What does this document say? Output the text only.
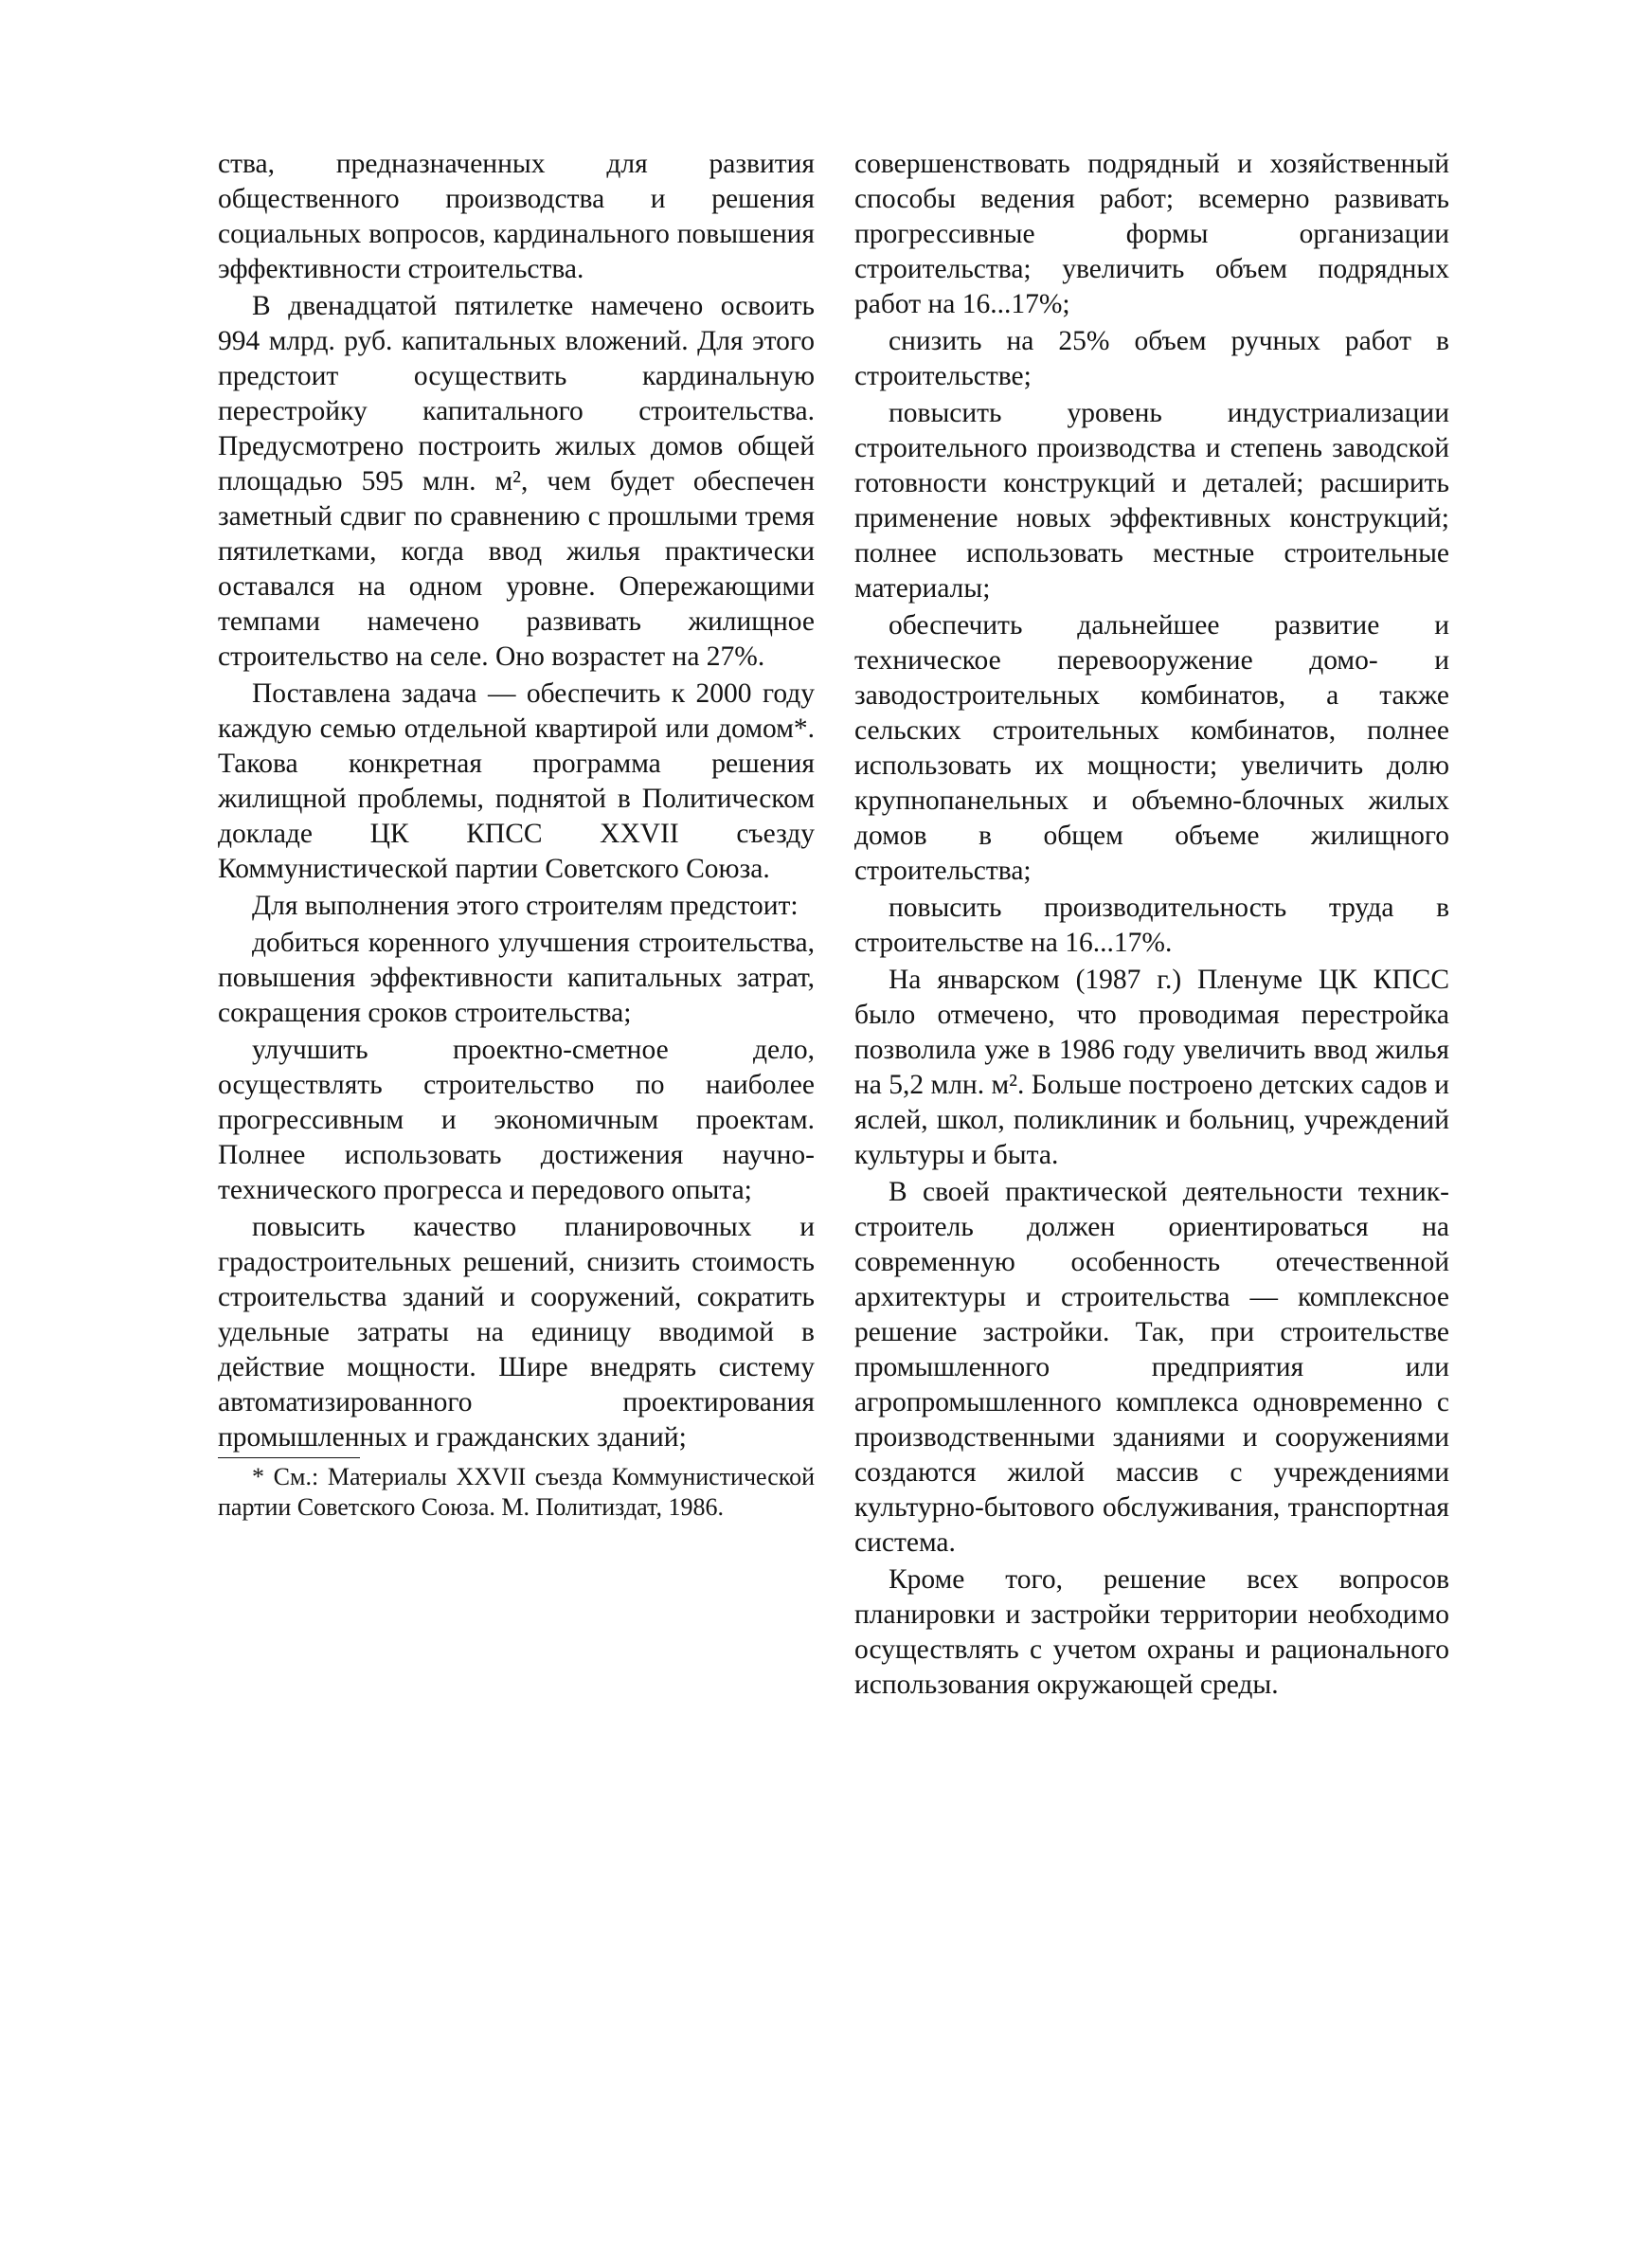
ства, предназначенных для развития общественного производства и решения социальных вопросов, кардинального повышения эффективности строительства.

В двенадцатой пятилетке намечено освоить 994 млрд. руб. капитальных вложений. Для этого предстоит осуществить кардинальную перестройку капитального строительства. Предусмотрено построить жилых домов общей площадью 595 млн. м², чем будет обеспечен заметный сдвиг по сравнению с прошлыми тремя пятилетками, когда ввод жилья практически оставался на одном уровне. Опережающими темпами намечено развивать жилищное строительство на селе. Оно возрастет на 27%.

Поставлена задача — обеспечить к 2000 году каждую семью отдельной квартирой или домом*. Такова конкретная программа решения жилищной проблемы, поднятой в Политическом докладе ЦК КПСС XXVII съезду Коммунистической партии Советского Союза.

Для выполнения этого строителям предстоит:

добиться коренного улучшения строительства, повышения эффективности капитальных затрат, сокращения сроков строительства;

улучшить проектно-сметное дело, осуществлять строительство по наиболее прогрессивным и экономичным проектам. Полнее использовать достижения научно-технического прогресса и передового опыта;

повысить качество планировочных и градостроительных решений, снизить стоимость строительства зданий и сооружений, сократить удельные затраты на единицу вводимой в действие мощности. Шире внедрять систему автоматизированного проектирования промышленных и гражданских зданий;

* См.: Материалы XXVII съезда Коммунистической партии Советского Союза. М. Политиздат, 1986.

совершенствовать подрядный и хозяйственный способы ведения работ; всемерно развивать прогрессивные формы организации строительства; увеличить объем подрядных работ на 16...17%;

снизить на 25% объем ручных работ в строительстве;

повысить уровень индустриализации строительного производства и степень заводской готовности конструкций и деталей; расширить применение новых эффективных конструкций; полнее использовать местные строительные материалы;

обеспечить дальнейшее развитие и техническое перевооружение домо- и заводостроительных комбинатов, а также сельских строительных комбинатов, полнее использовать их мощности; увеличить долю крупнопанельных и объемно-блочных жилых домов в общем объеме жилищного строительства;

повысить производительность труда в строительстве на 16...17%.

На январском (1987 г.) Пленуме ЦК КПСС было отмечено, что проводимая перестройка позволила уже в 1986 году увеличить ввод жилья на 5,2 млн. м². Больше построено детских садов и яслей, школ, поликлиник и больниц, учреждений культуры и быта.

В своей практической деятельности техник-строитель должен ориентироваться на современную особенность отечественной архитектуры и строительства — комплексное решение застройки. Так, при строительстве промышленного предприятия или агропромышленного комплекса одновременно с производственными зданиями и сооружениями создаются жилой массив с учреждениями культурно-бытового обслуживания, транспортная система.

Кроме того, решение всех вопросов планировки и застройки территории необходимо осуществлять с учетом охраны и рационального использования окружающей среды.
